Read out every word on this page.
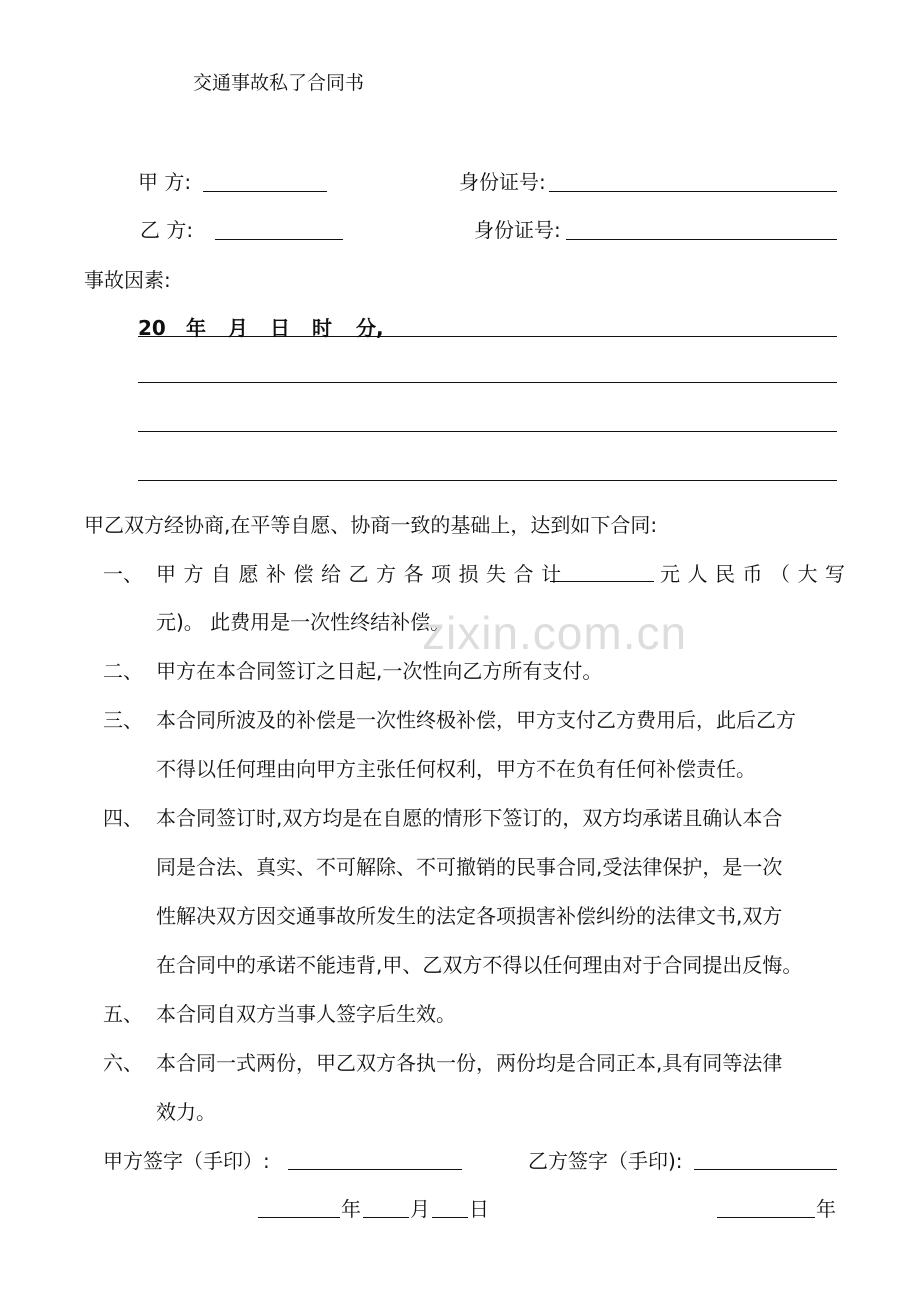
交通事故私了合同书
甲 方:	身份证号:
乙 方:	身份证号:
事故因素:
20 年 月 日 时 分,
甲乙双方经协商,在平等自愿、协商一致的基础上，达到如下合同:
一、 甲方自愿补偿给乙方各项损失合计	元人民币（大写
元)。 此费用是一次性终结补偿。
二、 甲方在本合同签订之日起,一次性向乙方所有支付。
三、 本合同所波及的补偿是一次性终极补偿，甲方支付乙方费用后，此后乙方
不得以任何理由向甲方主张任何权利，甲方不在负有任何补偿责任。
四、 本合同签订时,双方均是在自愿的情形下签订的，双方均承诺且确认本合
同是合法、真实、不可解除、不可撤销的民事合同,受法律保护，是一次
性解决双方因交通事故所发生的法定各项损害补偿纠纷的法律文书,双方
在合同中的承诺不能违背,甲、乙双方不得以任何理由对于合同提出反悔。
五、 本合同自双方当事人签字后生效。
六、 本合同一式两份，甲乙双方各执一份，两份均是合同正本,具有同等法律
效力。
甲方签字（手印）:	乙方签字（手印):
年 月 日	年
zixin.com.cn
